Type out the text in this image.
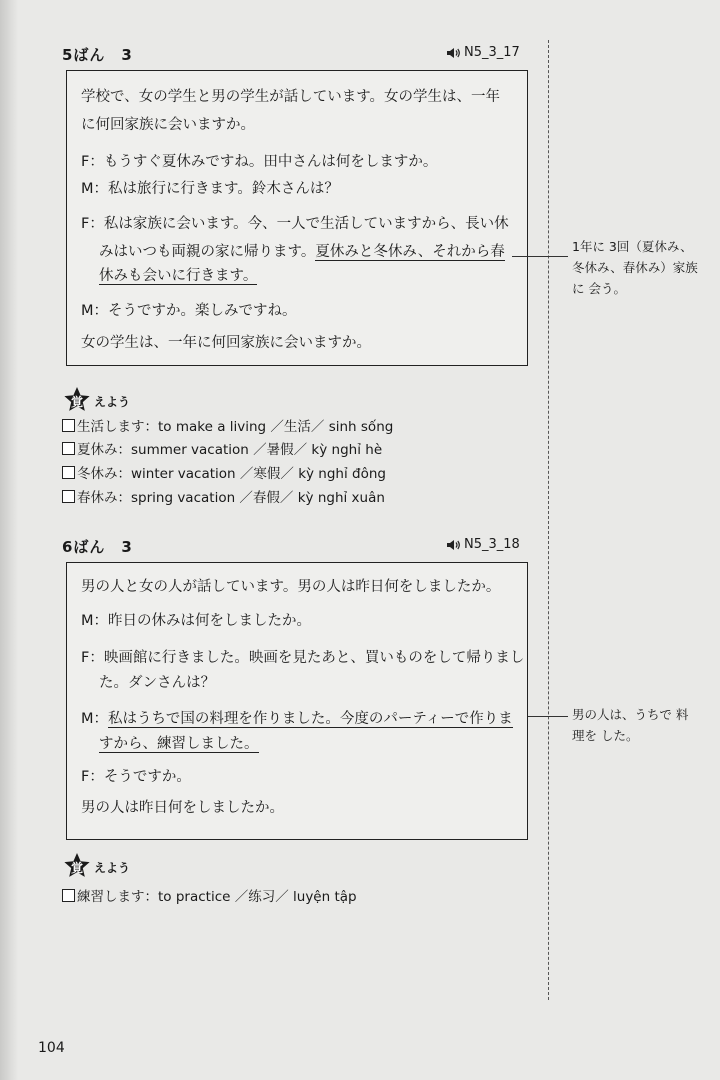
5ばん　3	N5_3_17
学校で、女の学生と男の学生が話しています。女の学生は、一年
に何回家族に会いますか。
F：もうすぐ夏休みですね。田中さんは何をしますか。
M：私は旅行に行きます。鈴木さんは？
F：私は家族に会います。今、一人で生活していますから、長い休
みはいつも両親の家に帰ります。夏休みと冬休み、それから春
休みも会いに行きます。
M：そうですか。楽しみですね。
女の学生は、一年に何回家族に会いますか。
1年に 3回（夏休み、
冬休み、春休み）家族
に 会う。
覚 えよう
生活します：to make a living ／生活／ sinh sống
夏休み：summer vacation ／暑假／ kỳ nghỉ hè
冬休み：winter vacation ／寒假／ kỳ nghỉ đông
春休み：spring vacation ／春假／ kỳ nghỉ xuân
6ばん　3	N5_3_18
男の人と女の人が話しています。男の人は昨日何をしましたか。
M：昨日の休みは何をしましたか。
F：映画館に行きました。映画を見たあと、買いものをして帰りまし
た。ダンさんは？
M：私はうちで国の料理を作りました。今度のパーティーで作りま
すから、練習しました。
F：そうですか。
男の人は昨日何をしましたか。
男の人は、うちで 料
理を した。
覚 えよう
練習します：to practice ／练习／ luyện tập
104
